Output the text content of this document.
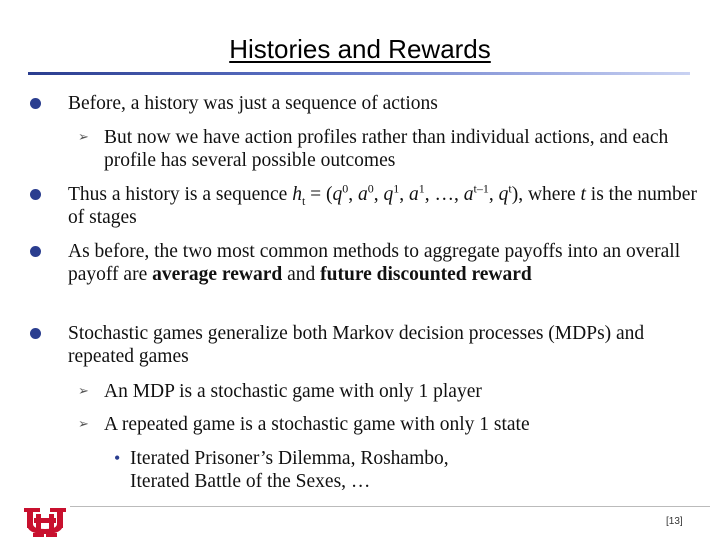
Histories and Rewards
Before, a history was just a sequence of actions
➢ But now we have action profiles rather than individual actions, and each profile has several possible outcomes
Thus a history is a sequence $h_t = (q^0$, $a^0$, $q^1$, $a^1$, …, $a^{t-1}$, $q^t$), where t is the number of stages
As before, the two most common methods to aggregate payoffs into an overall payoff are average reward and future discounted reward
Stochastic games generalize both Markov decision processes (MDPs) and repeated games
➢ An MDP is a stochastic game with only 1 player
➢ A repeated game is a stochastic game with only 1 state
• Iterated Prisoner’s Dilemma, Roshambo, Iterated Battle of the Sexes, …
[13]
